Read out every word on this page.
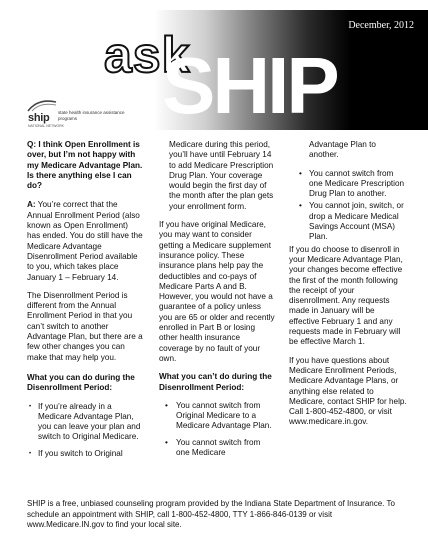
December, 2012
ask
SHIP
ship state health insurance assistance programs
NATIONAL NETWORK

Q: I think Open Enrollment is over, but I’m not happy with my Medicare Advantage Plan. Is there anything else I can do?

A: You’re correct that the Annual Enrollment Period (also known as Open Enrollment) has ended. You do still have the Medicare Advantage Disenrollment Period available to you, which takes place January 1 – February 14.

The Disenrollment Period is different from the Annual Enrollment Period in that you can’t switch to another Advantage Plan, but there are a few other changes you can make that may help you.

What you can do during the Disenrollment Period:

• If you’re already in a Medicare Advantage Plan, you can leave your plan and switch to Original Medicare.
• If you switch to Original

Medicare during this period, you’ll have until February 14 to add Medicare Prescription Drug Plan. Your coverage would begin the first day of the month after the plan gets your enrollment form.

If you have original Medicare, you may want to consider getting a Medicare supplement insurance policy. These insurance plans help pay the deductibles and co-pays of Medicare Parts A and B. However, you would not have a guarantee of a policy unless you are 65 or older and recently enrolled in Part B or losing other health insurance coverage by no fault of your own.

What you can’t do during the Disenrollment Period:

• You cannot switch from Original Medicare to a Medicare Advantage Plan.
• You cannot switch from one Medicare

Advantage Plan to another.

• You cannot switch from one Medicare Prescription Drug Plan to another.
• You cannot join, switch, or drop a Medicare Medical Savings Account (MSA) Plan.

If you do choose to disenroll in your Medicare Advantage Plan, your changes become effective the first of the month following the receipt of your disenrollment. Any requests made in January will be effective February 1 and any requests made in February will be effective March 1.

If you have questions about Medicare Enrollment Periods, Medicare Advantage Plans, or anything else related to Medicare, contact SHIP for help. Call 1-800-452-4800, or visit www.medicare.in.gov.

SHIP is a free, unbiased counseling program provided by the Indiana State Department of Insurance. To schedule an appointment with SHIP, call 1-800-452-4800, TTY 1-866-846-0139 or visit www.Medicare.IN.gov to find your local site.
